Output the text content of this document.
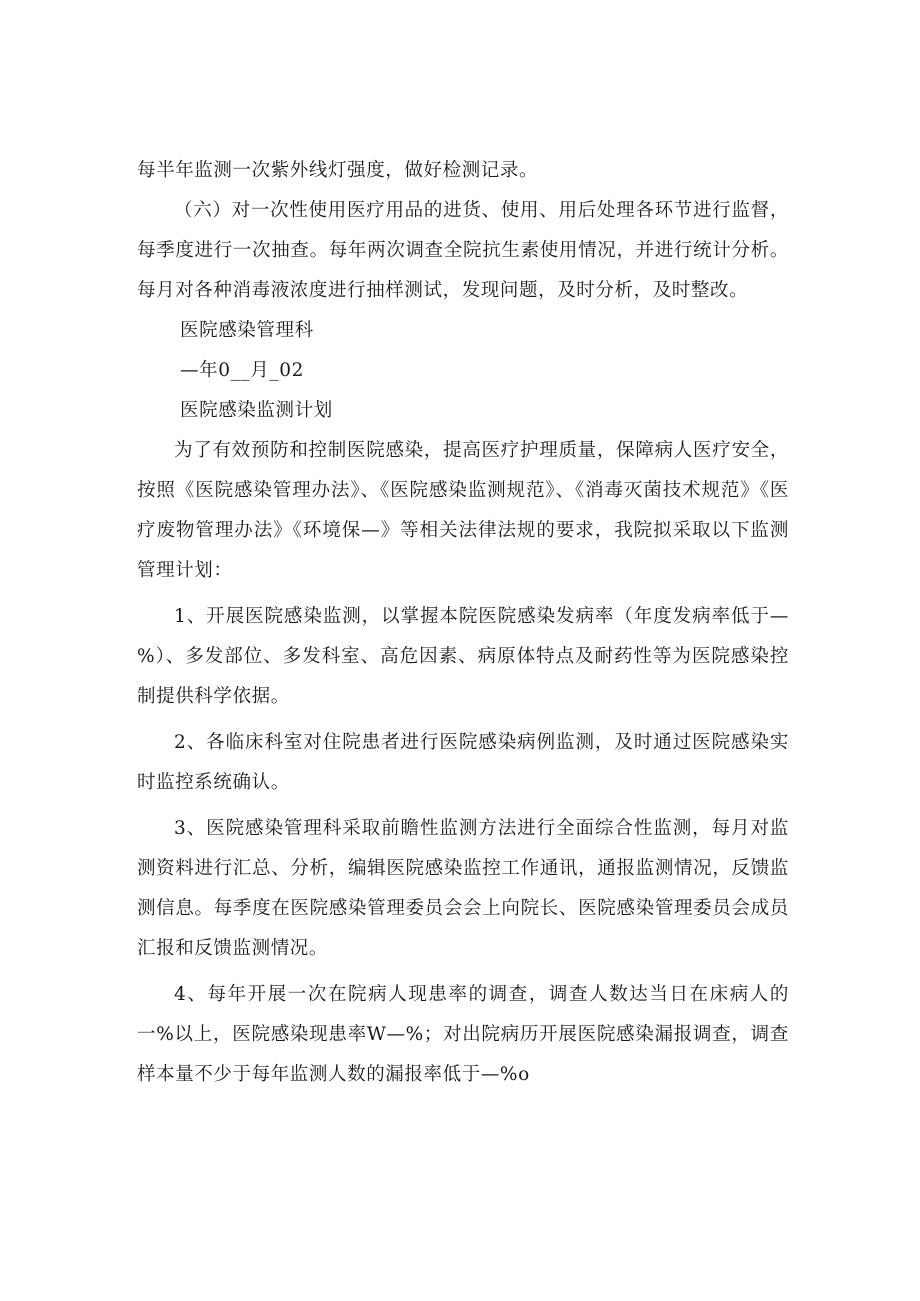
每半年监测一次紫外线灯强度，做好检测记录。

（六）对一次性使用医疗用品的进货、使用、用后处理各环节进行监督，每季度进行一次抽查。每年两次调查全院抗生素使用情况，并进行统计分析。每月对各种消毒液浓度进行抽样测试，发现问题，及时分析，及时整改。

医院感染管理科

—年0__月_02

医院感染监测计划

为了有效预防和控制医院感染，提高医疗护理质量，保障病人医疗安全，按照《医院感染管理办法》、《医院感染监测规范》、《消毒灭菌技术规范》《医疗废物管理办法》《环境保—》等相关法律法规的要求，我院拟采取以下监测管理计划：

1、开展医院感染监测，以掌握本院医院感染发病率（年度发病率低于—%）、多发部位、多发科室、高危因素、病原体特点及耐药性等为医院感染控制提供科学依据。

2、各临床科室对住院患者进行医院感染病例监测，及时通过医院感染实时监控系统确认。

3、医院感染管理科采取前瞻性监测方法进行全面综合性监测，每月对监测资料进行汇总、分析，编辑医院感染监控工作通讯，通报监测情况，反馈监测信息。每季度在医院感染管理委员会会上向院长、医院感染管理委员会成员汇报和反馈监测情况。

4、每年开展一次在院病人现患率的调查，调查人数达当日在床病人的一%以上，医院感染现患率W—%；对出院病历开展医院感染漏报调查，调查样本量不少于每年监测人数的漏报率低于—%o
